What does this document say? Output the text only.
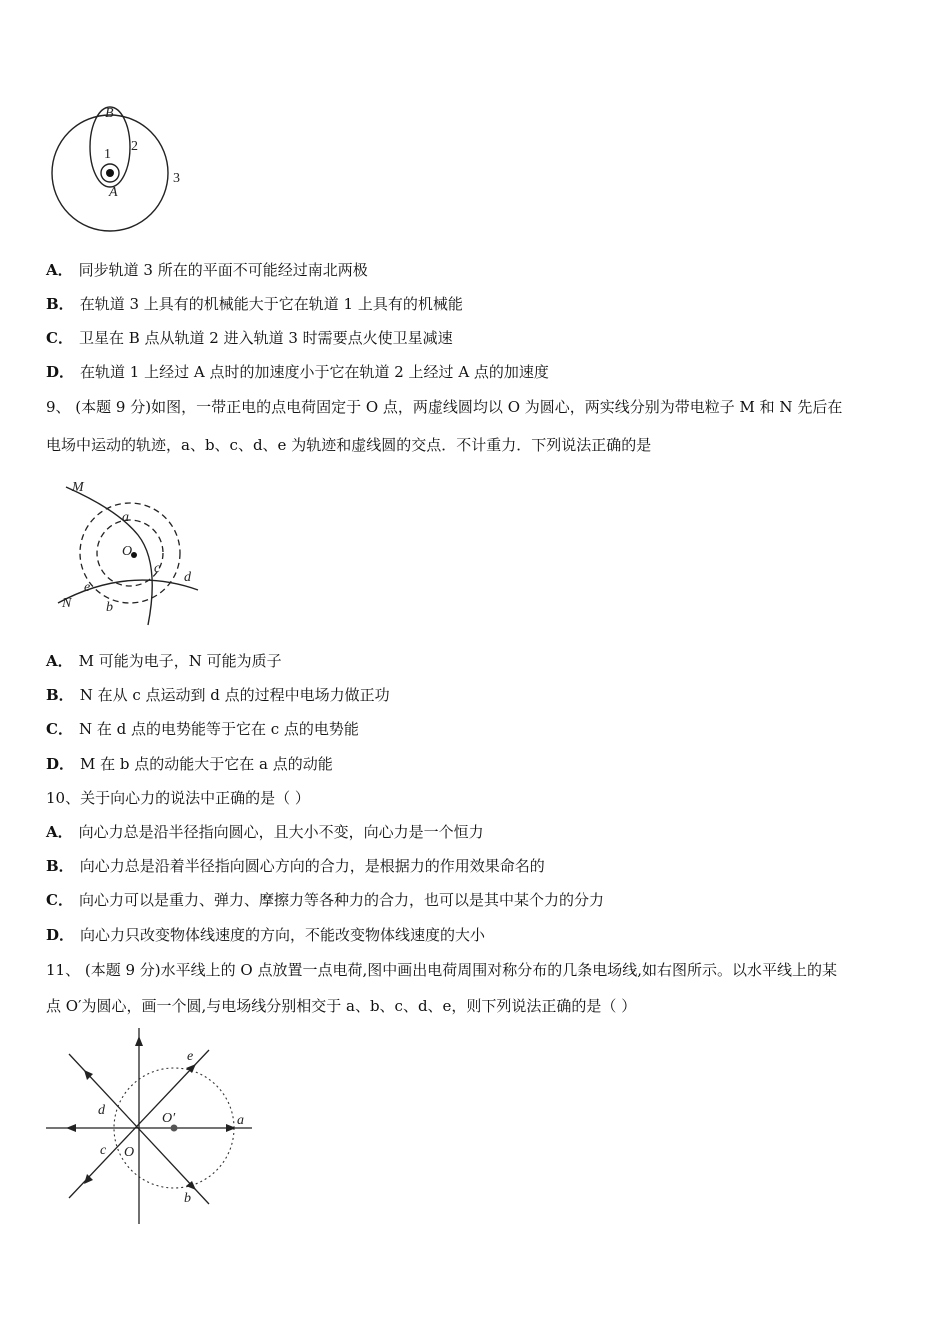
B
1
2
3
A
A． 同步轨道 3 所在的平面不可能经过南北两极
B． 在轨道 3 上具有的机械能大于它在轨道 1 上具有的机械能
C． 卫星在 B 点从轨道 2 进入轨道 3 时需要点火使卫星减速
D． 在轨道 1 上经过 A 点时的加速度小于它在轨道 2 上经过 A 点的加速度
9、 (本题 9 分)如图，一带正电的点电荷固定于 O 点，两虚线圆均以 O 为圆心，两实线分别为带电粒子 M 和 N 先后在
电场中运动的轨迹，a、b、c、d、e 为轨迹和虚线圆的交点．不计重力．下列说法正确的是
M
N
O
a
b
c
d
e
A． M 可能为电子，N 可能为质子
B． N 在从 c 点运动到 d 点的过程中电场力做正功
C． N 在 d 点的电势能等于它在 c 点的电势能
D． M 在 b 点的动能大于它在 a 点的动能
10、关于向心力的说法中正确的是（ ）
A． 向心力总是沿半径指向圆心，且大小不变，向心力是一个恒力
B． 向心力总是沿着半径指向圆心方向的合力，是根据力的作用效果命名的
C． 向心力可以是重力、弹力、摩擦力等各种力的合力，也可以是其中某个力的分力
D． 向心力只改变物体线速度的方向，不能改变物体线速度的大小
11、 (本题 9 分)水平线上的 O 点放置一点电荷,图中画出电荷周围对称分布的几条电场线,如右图所示。以水平线上的某
点 O′为圆心，画一个圆,与电场线分别相交于 a、b、c、d、e，则下列说法正确的是（ ）
e
d
O′	a
c O
b
